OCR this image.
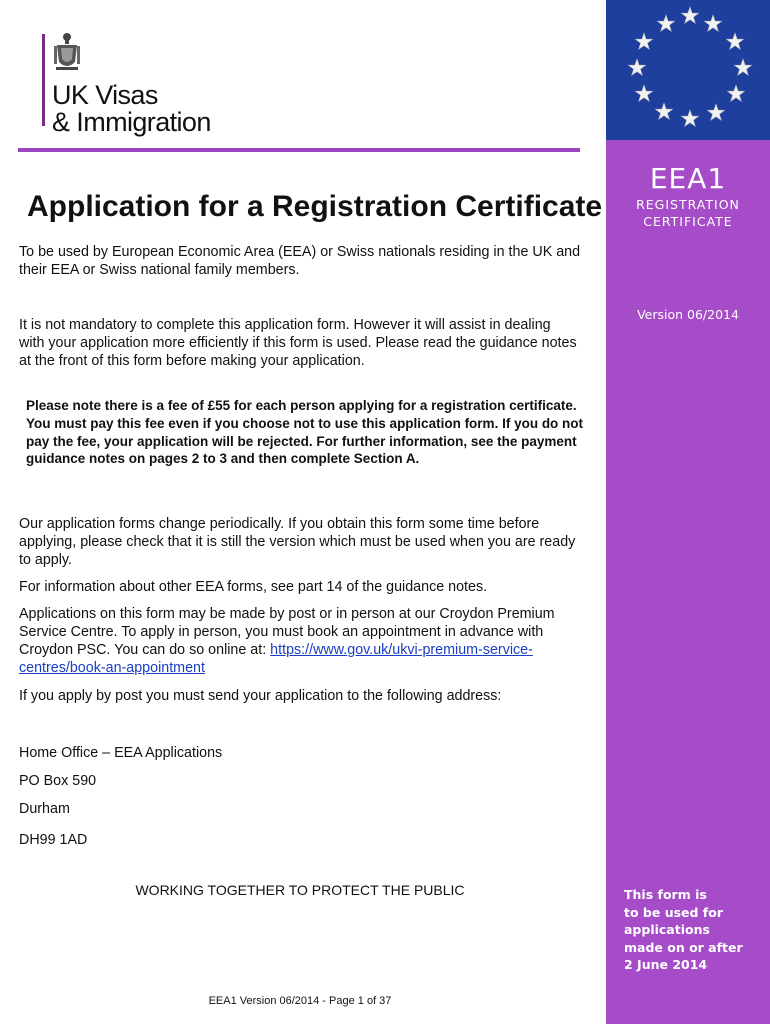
UK Visas
& Immigration
Application for a Registration Certificate

To be used by European Economic Area (EEA) or Swiss nationals residing in the UK and their EEA or Swiss national family members.

It is not mandatory to complete this application form. However it will assist in dealing with your application more efficiently if this form is used. Please read the guidance notes at the front of this form before making your application.

Please note there is a fee of £55 for each person applying for a registration certificate. You must pay this fee even if you choose not to use this application form. If you do not pay the fee, your application will be rejected. For further information, see the payment guidance notes on pages 2 to 3 and then complete Section A.

Our application forms change periodically. If you obtain this form some time before applying, please check that it is still the version which must be used when you are ready to apply.

For information about other EEA forms, see part 14 of the guidance notes.

Applications on this form may be made by post or in person at our Croydon Premium Service Centre. To apply in person, you must book an appointment in advance with Croydon PSC. You can do so online at: https://www.gov.uk/ukvi-premium-service-centres/book-an-appointment

If you apply by post you must send your application to the following address:

Home Office – EEA Applications
PO Box 590
Durham
DH99 1AD
WORKING TOGETHER TO PROTECT THE PUBLIC
EEA1 Version 06/2014 - Page 1 of 37
EEA1
REGISTRATION
CERTIFICATE
Version 06/2014
This form is
to be used for
applications
made on or after
2 June 2014
